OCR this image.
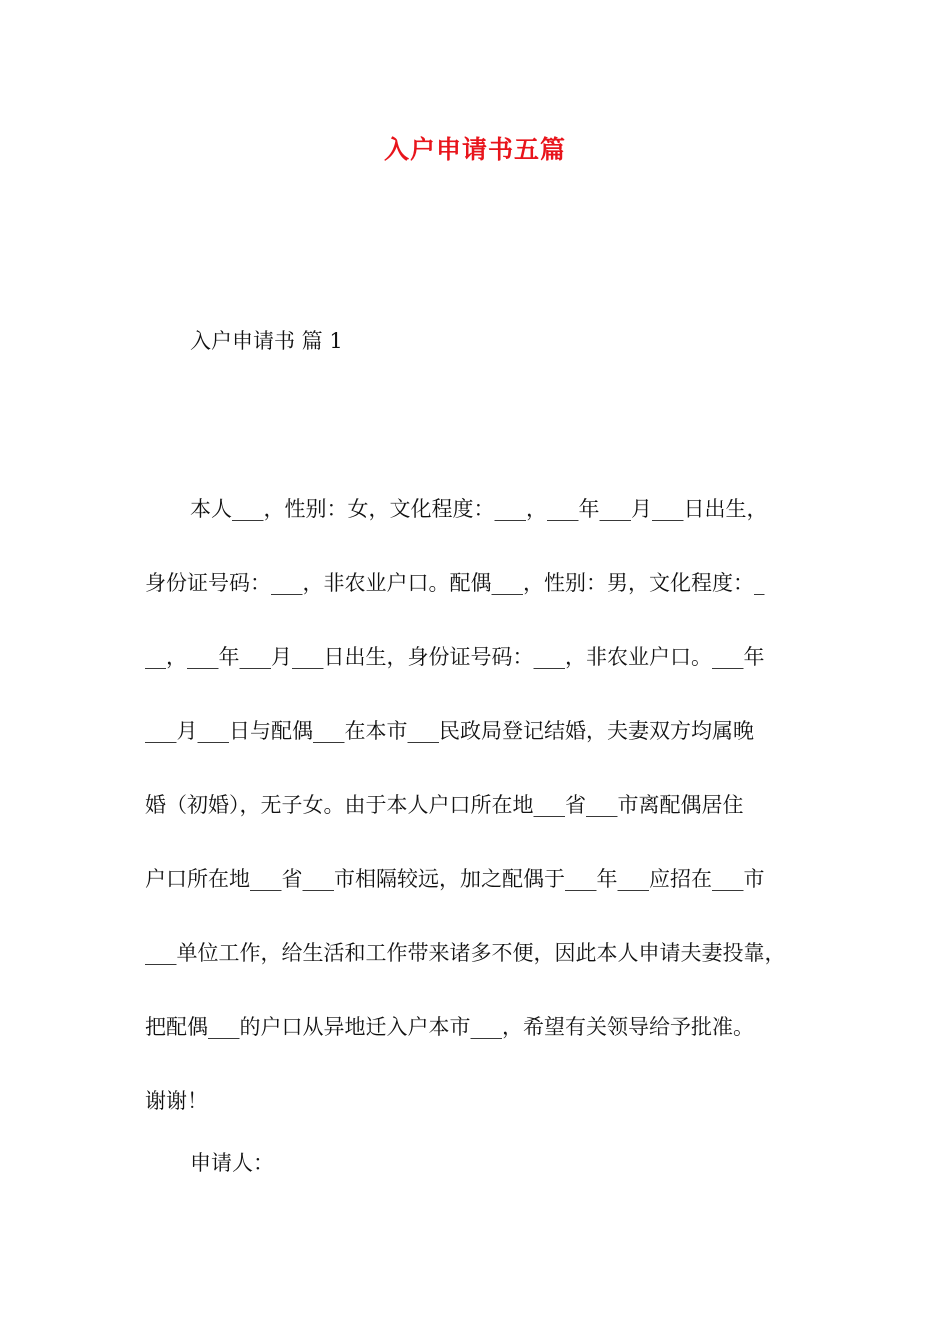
入户申请书五篇
入户申请书 篇 1
本人___，性别：女，文化程度：___，___年___月___日出生，
身份证号码：___，非农业户口。配偶___，性别：男，文化程度：_
__，___年___月___日出生，身份证号码：___，非农业户口。___年
___月___日与配偶___在本市___民政局登记结婚，夫妻双方均属晚
婚（初婚），无子女。由于本人户口所在地___省___市离配偶居住
户口所在地___省___市相隔较远，加之配偶于___年___应招在___市
___单位工作，给生活和工作带来诸多不便，因此本人申请夫妻投靠，
把配偶___的户口从异地迁入户本市___，希望有关领导给予批准。
谢谢！
申请人：
